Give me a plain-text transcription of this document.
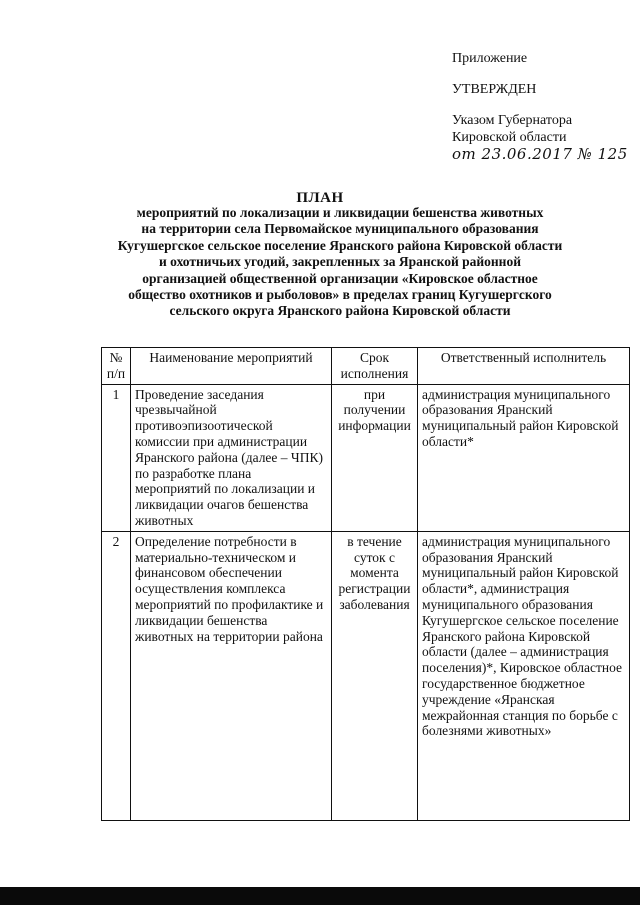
Приложение
УТВЕРЖДЕН
Указом Губернатора
Кировской области
от 23.06.2017 № 125
ПЛАН
мероприятий по локализации и ликвидации бешенства животных
на территории села Первомайское муниципального образования
Кугушергское сельское поселение Яранского района Кировской области
и охотничьих угодий, закрепленных за Яранской районной
организацией общественной организации «Кировское областное
общество охотников и рыболовов» в пределах границ Кугушергского
сельского округа Яранского района Кировской области
№ п/п	Наименование мероприятий	Срок исполнения	Ответственный исполнитель
1	Проведение заседания чрезвычайной противоэпизоотической комиссии при администрации Яранского района (далее – ЧПК) по разработке плана мероприятий по локализации и ликвидации очагов бешенства животных	при получении информации	администрация муниципального образования Яранский муниципальный район Кировской области*
2	Определение потребности в материально-техническом и финансовом обеспечении осуществления комплекса мероприятий по профилактике и ликвидации бешенства животных на территории района	в течение суток с момента регистрации заболевания	администрация муниципального образования Яранский муниципальный район Кировской области*, администрация муниципального образования Кугушергское сельское поселение Яранского района Кировской области (далее – администрация поселения)*, Кировское областное государственное бюджетное учреждение «Яранская межрайонная станция по борьбе с болезнями животных»
